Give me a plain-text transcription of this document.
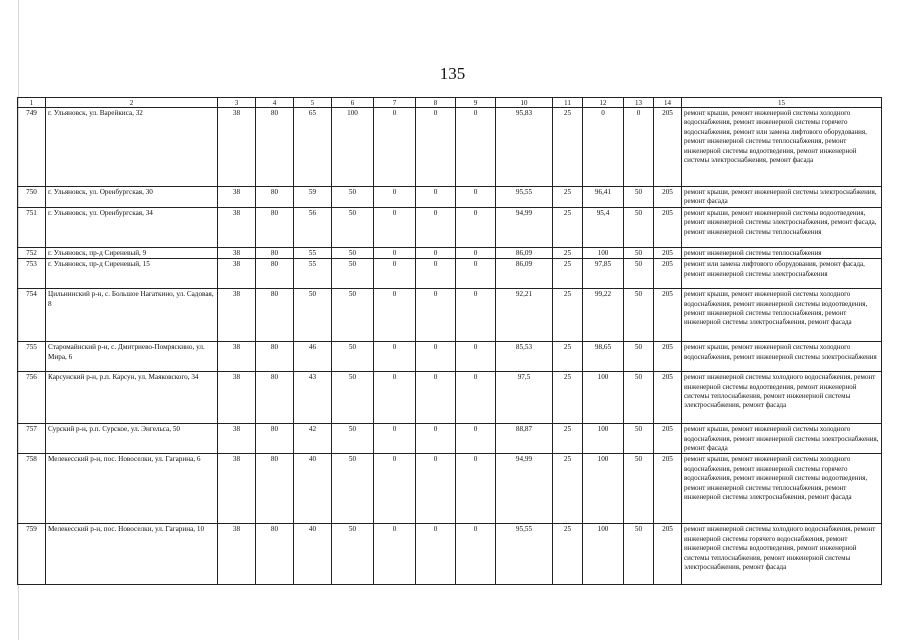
135
1	2	3	4	5	6	7	8	9	10	11	12	13	14	15
749	г. Ульяновск, ул. Варейкиса, 32	38	80	65	100	0	0	0	95,83	25	0	0	205	ремонт крыши, ремонт инженерной системы холодного водоснабжения, ремонт инженерной системы горячего водоснабжения, ремонт или замена лифтового оборудования, ремонт инженерной системы теплоснабжения, ремонт инженерной системы водоотведения, ремонт инженерной системы электроснабжения, ремонт фасада
750	г. Ульяновск, ул. Оренбургская, 30	38	80	59	50	0	0	0	95,55	25	96,41	50	205	ремонт крыши, ремонт инженерной системы электроснабжения, ремонт фасада
751	г. Ульяновск, ул. Оренбургская, 34	38	80	56	50	0	0	0	94,99	25	95,4	50	205	ремонт крыши, ремонт инженерной системы водоотведения, ремонт инженерной системы электроснабжения, ремонт фасада, ремонт инженерной системы теплоснабжения
752	г. Ульяновск, пр-д Сиреневый, 9	38	80	55	50	0	0	0	86,09	25	100	50	205	ремонт инженерной системы теплоснабжения
753	г. Ульяновск, пр-д Сиреневый, 15	38	80	55	50	0	0	0	86,09	25	97,85	50	205	ремонт или замена лифтового оборудования, ремонт фасада, ремонт инженерной системы электроснабжения
754	Цильнинский р-н, с. Большое Нагаткино, ул. Садовая, 8	38	80	50	50	0	0	0	92,21	25	99,22	50	205	ремонт крыши, ремонт инженерной системы холодного водоснабжения, ремонт инженерной системы водоотведения, ремонт инженерной системы теплоснабжения, ремонт инженерной системы электроснабжения, ремонт фасада
755	Старомайнский р-н, с. Дмитриево-Помряскино, ул. Мира, 6	38	80	46	50	0	0	0	85,53	25	98,65	50	205	ремонт крыши, ремонт инженерной системы холодного водоснабжения, ремонт инженерной системы электроснабжения
756	Карсунский р-н, р.п. Карсун, ул. Маяковского, 34	38	80	43	50	0	0	0	97,5	25	100	50	205	ремонт инженерной системы холодного водоснабжения, ремонт инженерной системы водоотведения, ремонт инженерной системы теплоснабжения, ремонт инженерной системы электроснабжения, ремонт фасада
757	Сурский р-н, р.п. Сурское, ул. Энгельса, 50	38	80	42	50	0	0	0	88,87	25	100	50	205	ремонт крыши, ремонт инженерной системы холодного водоснабжения, ремонт инженерной системы электроснабжения, ремонт фасада
758	Мелекесский р-н, пос. Новоселки, ул. Гагарина, 6	38	80	40	50	0	0	0	94,99	25	100	50	205	ремонт крыши, ремонт инженерной системы холодного водоснабжения, ремонт инженерной системы горячего водоснабжения, ремонт инженерной системы водоотведения, ремонт инженерной системы теплоснабжения, ремонт инженерной системы электроснабжения, ремонт фасада
759	Мелекесский р-н, пос. Новоселки, ул. Гагарина, 10	38	80	40	50	0	0	0	95,55	25	100	50	205	ремонт инженерной системы холодного водоснабжения, ремонт инженерной системы горячего водоснабжения, ремонт инженерной системы водоотведения, ремонт инженерной системы теплоснабжения, ремонт инженерной системы электроснабжения, ремонт фасада
